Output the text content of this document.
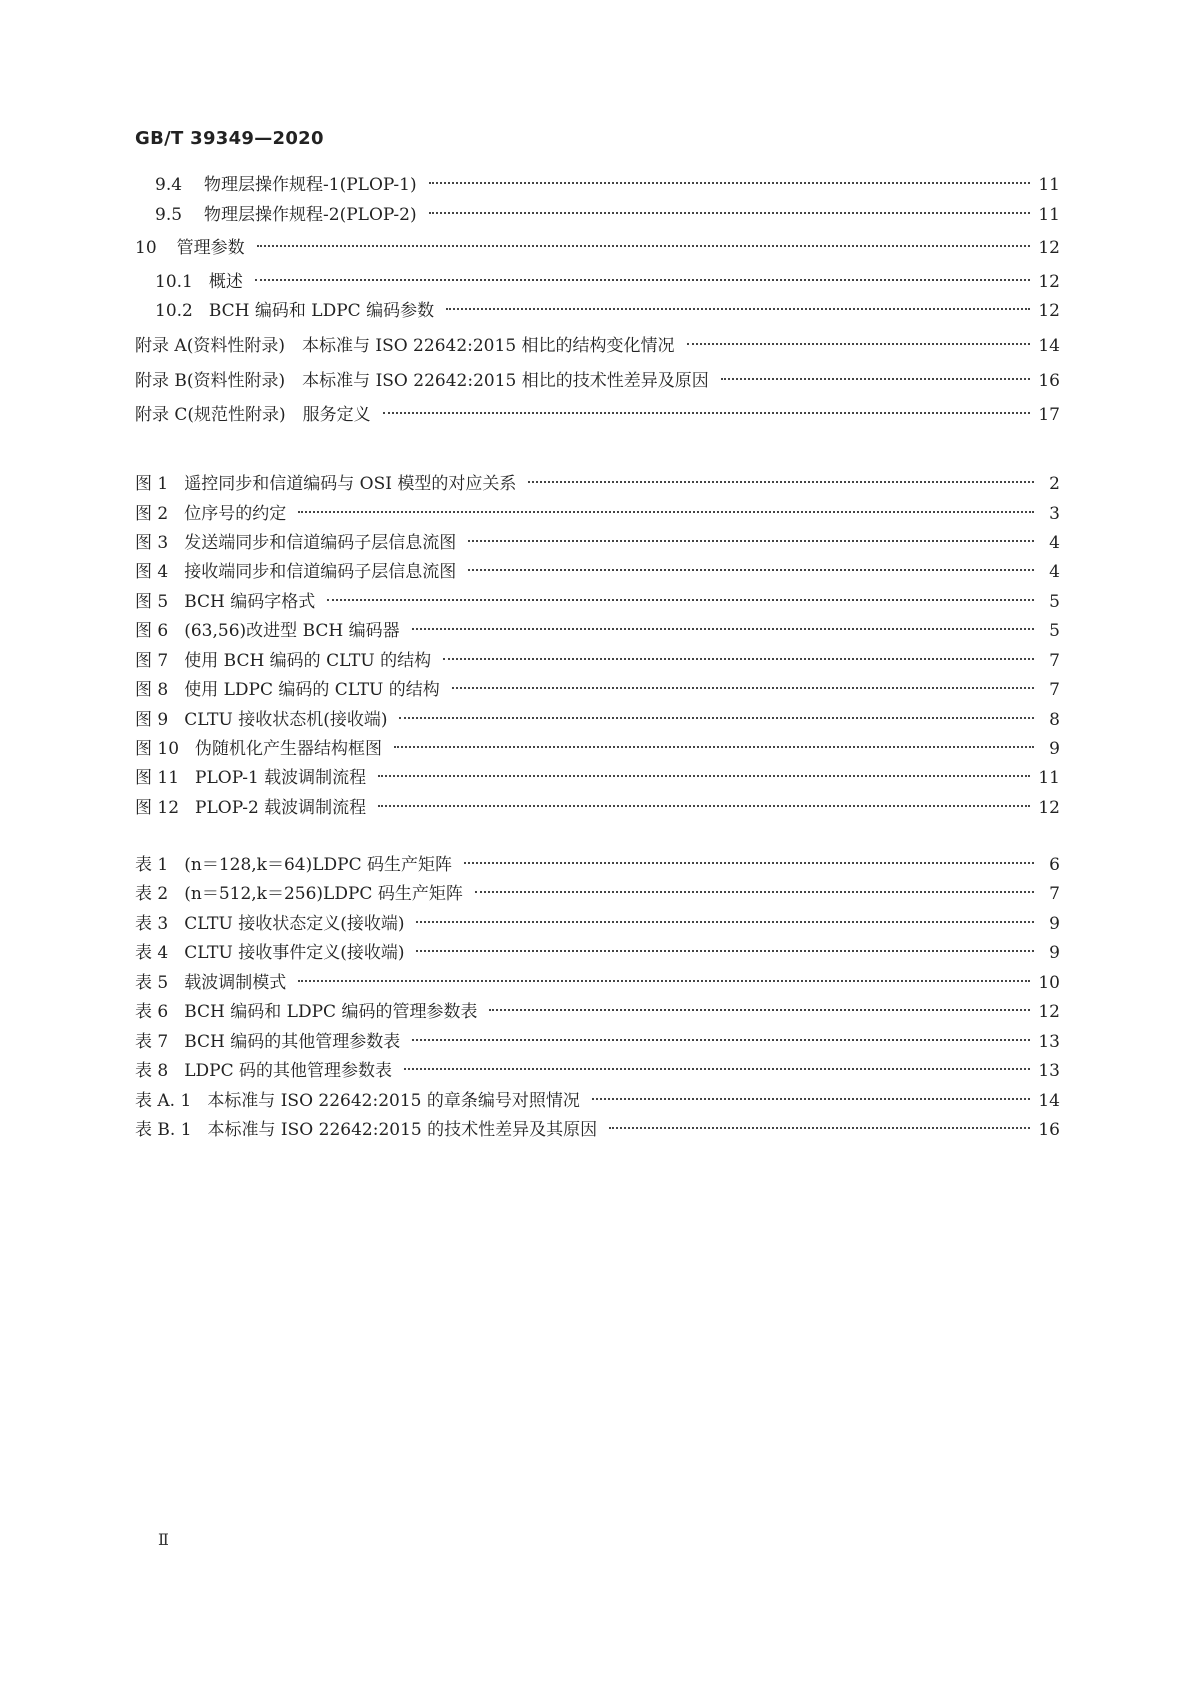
GB/T 39349—2020
9.4 物理层操作规程-1(PLOP-1)	11
9.5 物理层操作规程-2(PLOP-2)	11
10 管理参数	12
10.1 概述	12
10.2 BCH 编码和 LDPC 编码参数	12
附录 A (资料性附录)　本标准与 ISO 22642:2015 相比的结构变化情况	14
附录 B (资料性附录)　本标准与 ISO 22642:2015 相比的技术性差异及原因	16
附录 C (规范性附录)　服务定义	17
图 1 遥控同步和信道编码与 OSI 模型的对应关系	2
图 2 位序号的约定	3
图 3 发送端同步和信道编码子层信息流图	4
图 4 接收端同步和信道编码子层信息流图	4
图 5 BCH 编码字格式	5
图 6 (63,56)改进型 BCH 编码器	5
图 7 使用 BCH 编码的 CLTU 的结构	7
图 8 使用 LDPC 编码的 CLTU 的结构	7
图 9 CLTU 接收状态机(接收端)	8
图 10 伪随机化产生器结构框图	9
图 11 PLOP-1 载波调制流程	11
图 12 PLOP-2 载波调制流程	12
表 1 (n＝128,k＝64)LDPC 码生产矩阵	6
表 2 (n＝512,k＝256)LDPC 码生产矩阵	7
表 3 CLTU 接收状态定义(接收端)	9
表 4 CLTU 接收事件定义(接收端)	9
表 5 载波调制模式	10
表 6 BCH 编码和 LDPC 编码的管理参数表	12
表 7 BCH 编码的其他管理参数表	13
表 8 LDPC 码的其他管理参数表	13
表 A. 1 本标准与 ISO 22642:2015 的章条编号对照情况	14
表 B. 1 本标准与 ISO 22642:2015 的技术性差异及其原因	16
Ⅱ
